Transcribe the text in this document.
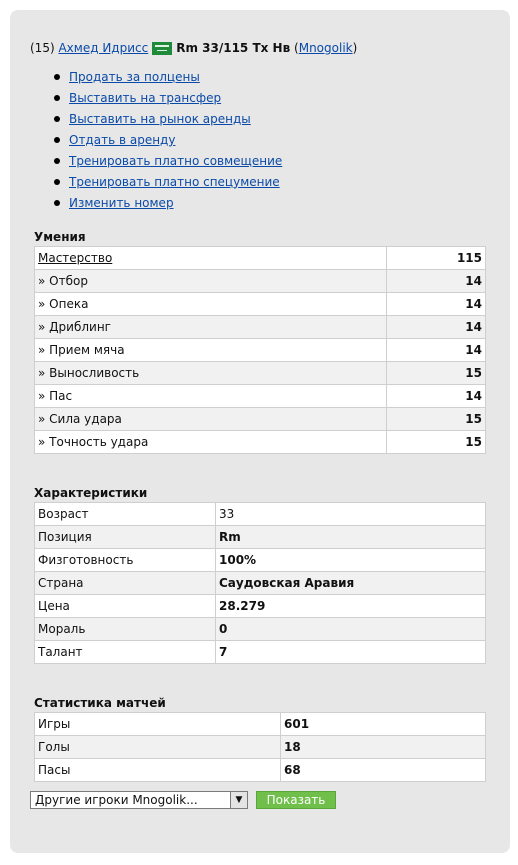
(15)
Ахмед Идрисс Rm 33/115 Tx Нв
( Mnogolik )
Продать за полцены
Выставить на трансфер
Выставить на рынок аренды
Отдать в аренду
Тренировать платно совмещение
Тренировать платно спецумение
Изменить номер
Умения
Мастерство	115
» Отбор	14
» Опека	14
» Дриблинг	14
» Прием мяча	14
» Выносливость	15
» Пас	14
» Сила удара	15
» Точность удара	15
Характеристики
Возраст	33
Позиция	Rm
Физготовность	100%
Страна	Саудовская Аравия
Цена	28.279
Мораль	0
Талант	7
Статистика матчей
Игры	601
Голы	18
Пасы	68
Другие игроки Mnogolik...	▼	Показать
